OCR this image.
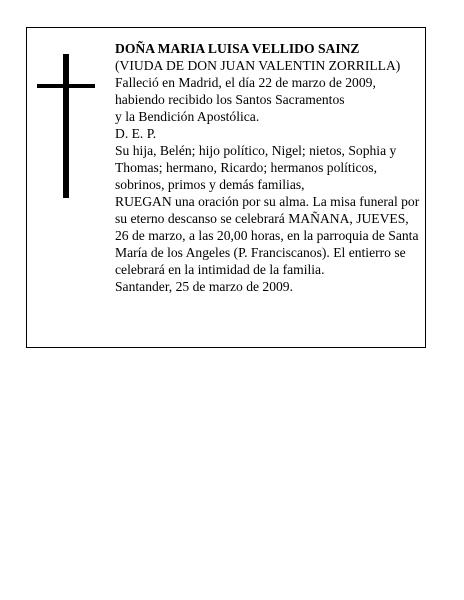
DOÑA MARIA LUISA VELLIDO SAINZ

(VIUDA DE DON JUAN VALENTIN ZORRILLA)

Falleció en Madrid, el día 22 de marzo de 2009,

habiendo recibido los Santos Sacramentos

y la Bendición Apostólica.

D. E. P.

Su hija, Belén; hijo político, Nigel; nietos, Sophia y

Thomas; hermano, Ricardo; hermanos políticos,

sobrinos, primos y demás familias,

RUEGAN una oración por su alma. La misa funeral por

su eterno descanso se celebrará MAÑANA, JUEVES,

26 de marzo, a las 20,00 horas, en la parroquia de Santa

María de los Angeles (P. Franciscanos). El entierro se

celebrará en la intimidad de la familia.

Santander, 25 de marzo de 2009.
